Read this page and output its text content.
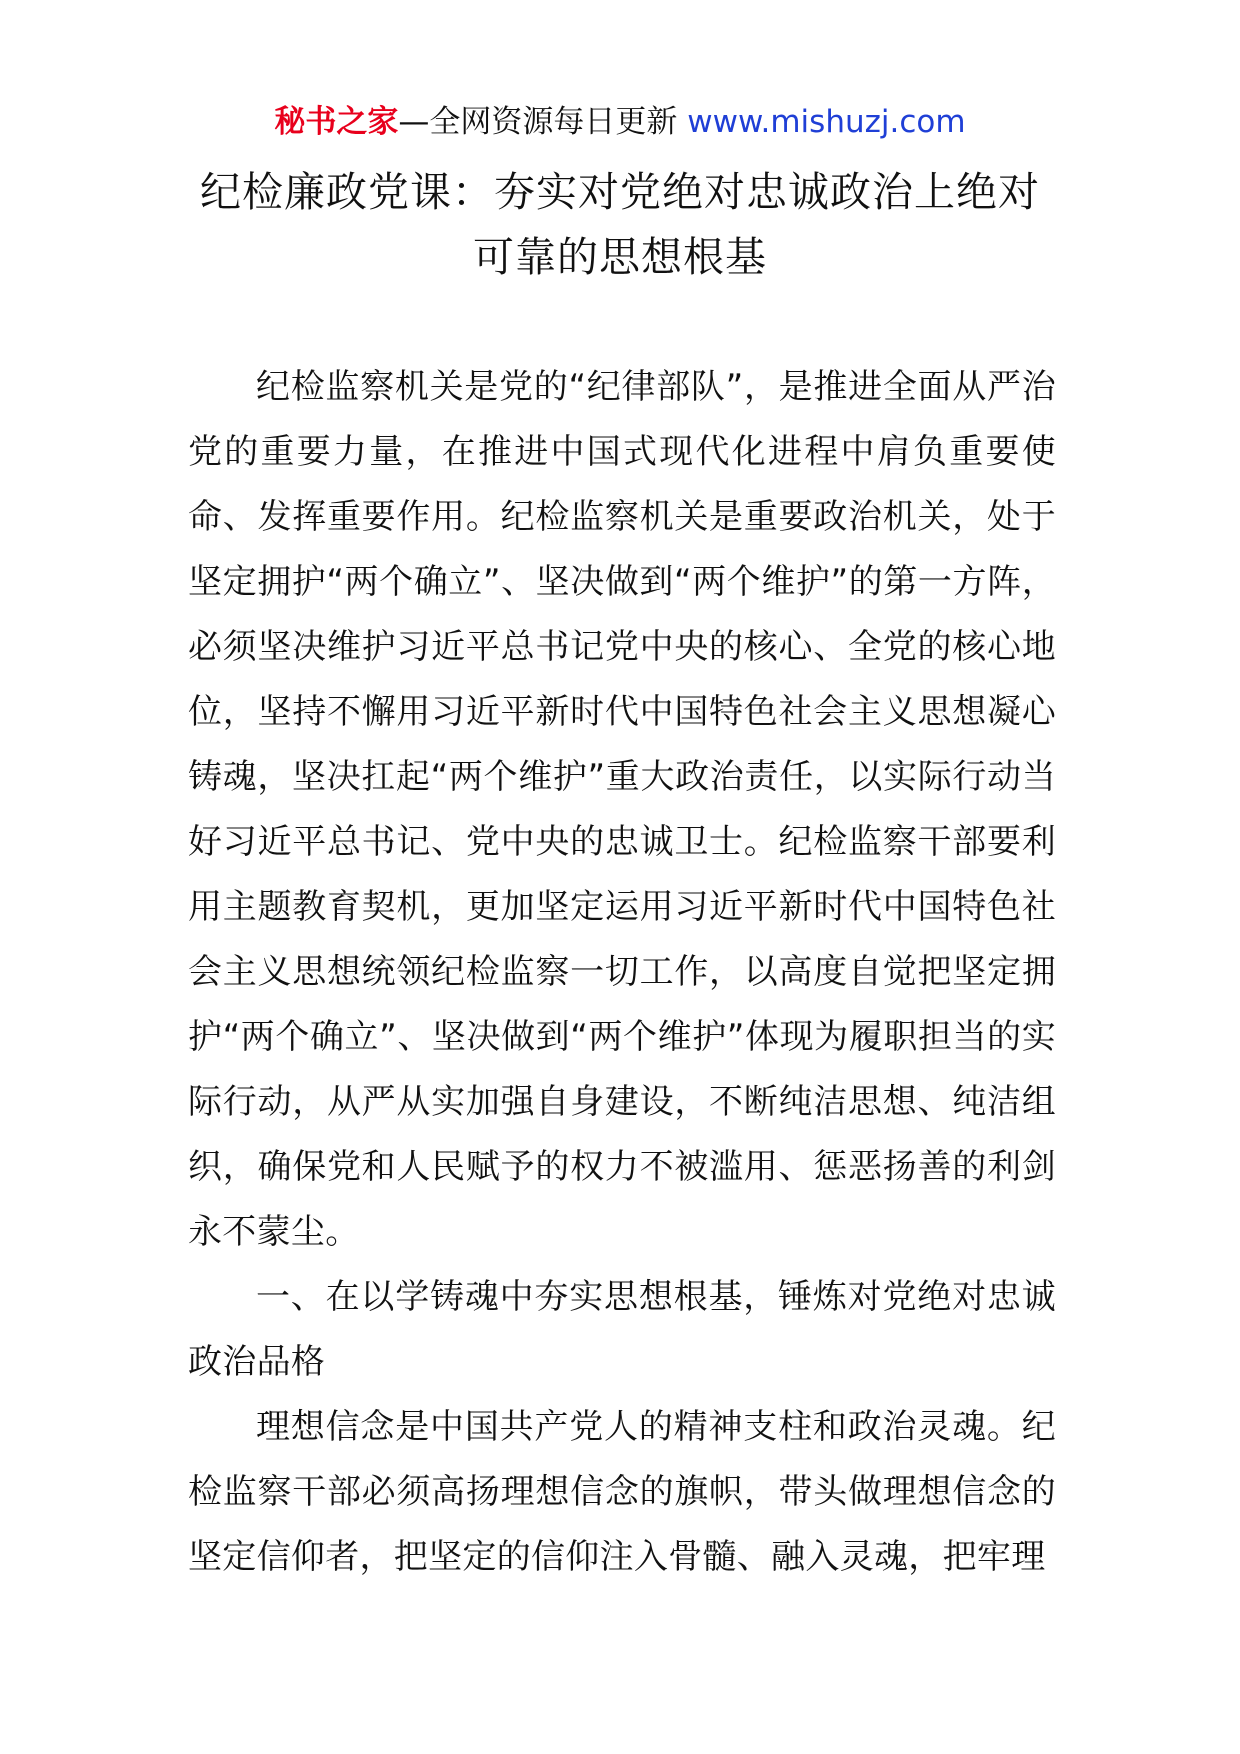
秘书之家—全网资源每日更新 www.mishuzj.com
纪检廉政党课：夯实对党绝对忠诚政治上绝对
可靠的思想根基

纪检监察机关是党的“纪律部队”，是推进全面从严治党的重要力量，在推进中国式现代化进程中肩负重要使命、发挥重要作用。纪检监察机关是重要政治机关，处于坚定拥护“两个确立”、坚决做到“两个维护”的第一方阵，必须坚决维护习近平总书记党中央的核心、全党的核心地位，坚持不懈用习近平新时代中国特色社会主义思想凝心铸魂，坚决扛起“两个维护”重大政治责任，以实际行动当好习近平总书记、党中央的忠诚卫士。纪检监察干部要利用主题教育契机，更加坚定运用习近平新时代中国特色社会主义思想统领纪检监察一切工作，以高度自觉把坚定拥护“两个确立”、坚决做到“两个维护”体现为履职担当的实际行动，从严从实加强自身建设，不断纯洁思想、纯洁组织，确保党和人民赋予的权力不被滥用、惩恶扬善的利剑永不蒙尘。

一、在以学铸魂中夯实思想根基，锤炼对党绝对忠诚政治品格

理想信念是中国共产党人的精神支柱和政治灵魂。纪检监察干部必须高扬理想信念的旗帜，带头做理想信念的坚定信仰者，把坚定的信仰注入骨髓、融入灵魂，把牢理
